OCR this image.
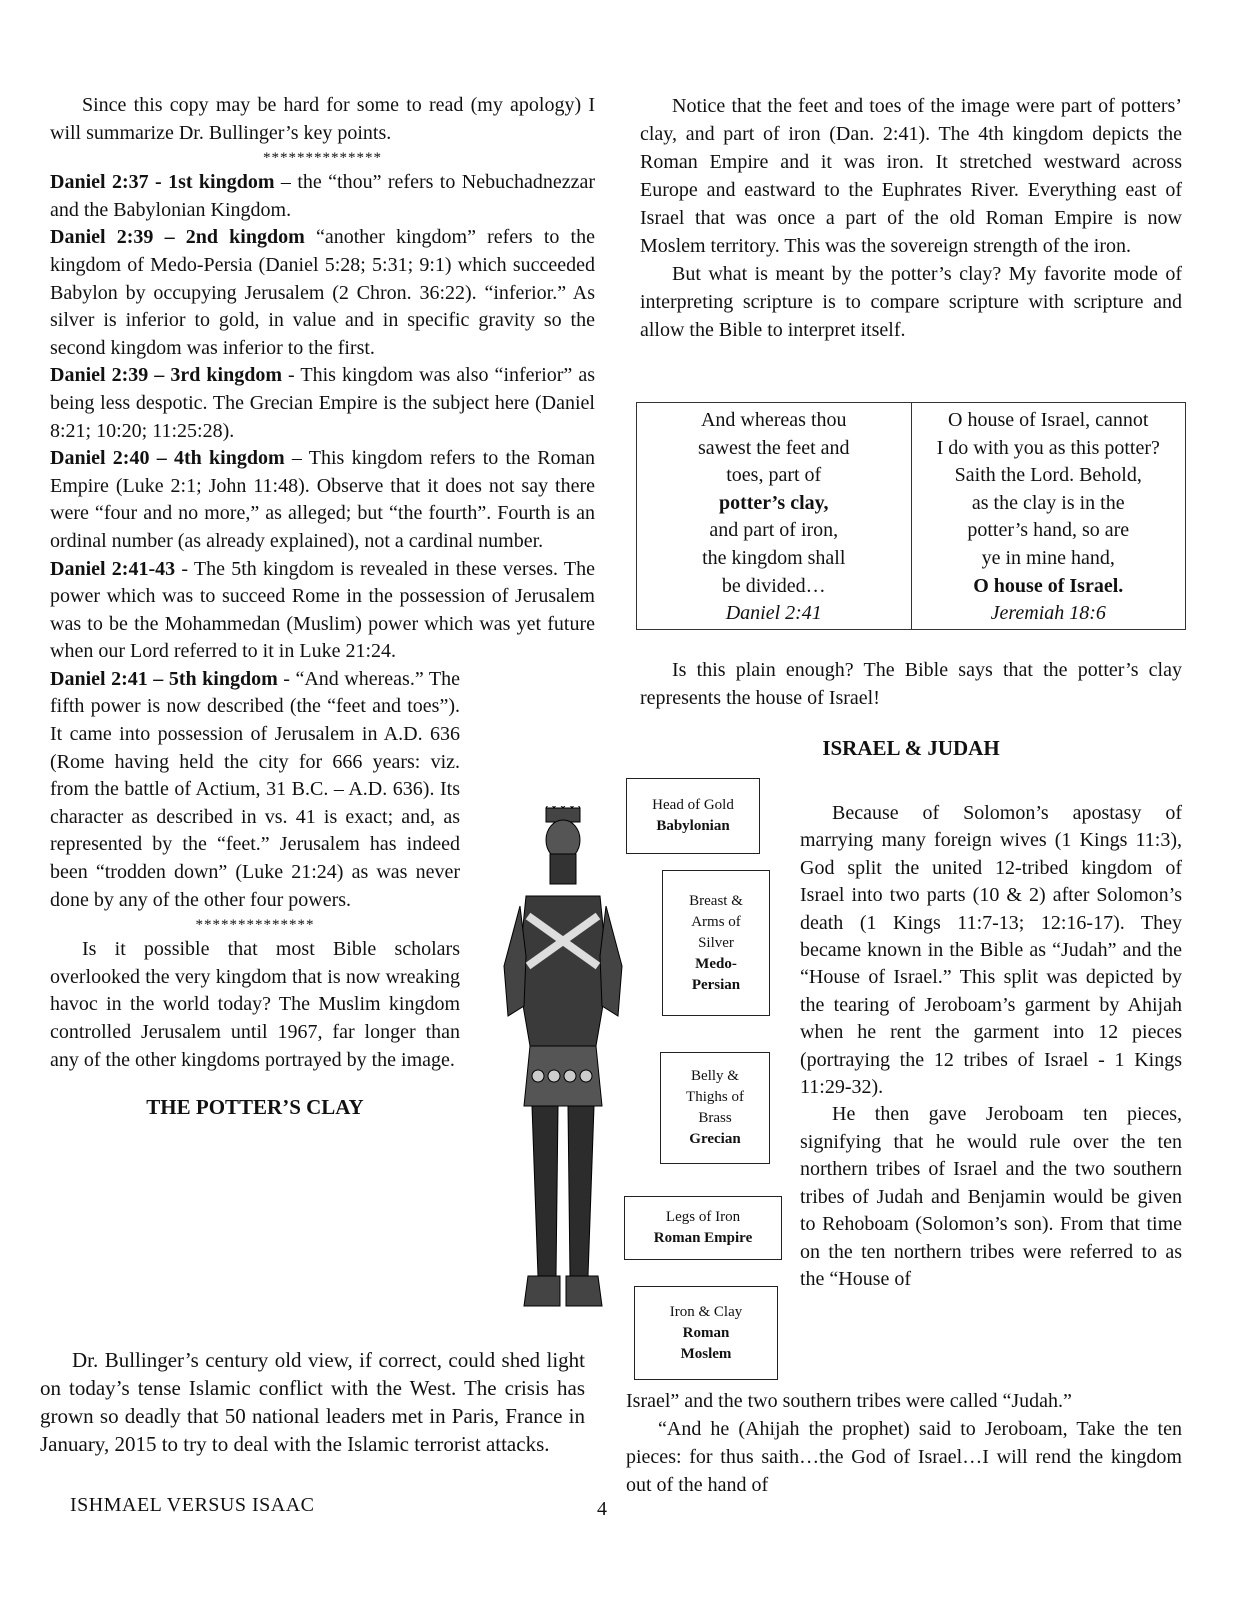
Since this copy may be hard for some to read (my apology) I will summarize Dr. Bullinger’s key points.

**************

Daniel 2:37 - 1st kingdom – the “thou” refers to Nebuchadnezzar and the Babylonian Kingdom.

Daniel 2:39 – 2nd kingdom “another kingdom” refers to the kingdom of Medo-Persia (Daniel 5:28; 5:31; 9:1) which succeeded Babylon by occupying Jerusalem (2 Chron. 36:22). “inferior.” As silver is inferior to gold, in value and in specific gravity so the second kingdom was inferior to the first.

Daniel 2:39 – 3rd kingdom - This kingdom was also “inferior” as being less despotic. The Grecian Empire is the subject here (Daniel 8:21; 10:20; 11:25:28).

Daniel 2:40 – 4th kingdom – This kingdom refers to the Roman Empire (Luke 2:1; John 11:48). Observe that it does not say there were “four and no more,” as alleged; but “the fourth”. Fourth is an ordinal number (as already explained), not a cardinal number.

Daniel 2:41-43 - The 5th kingdom is revealed in these verses. The power which was to succeed Rome in the possession of Jerusalem was to be the Mohammedan (Muslim) power which was yet future when our Lord referred to it in Luke 21:24.

Daniel 2:41 – 5th kingdom - “And whereas.” The fifth power is now described (the “feet and toes”). It came into possession of Jerusalem in A.D. 636 (Rome having held the city for 666 years: viz. from the battle of Actium, 31 B.C. – A.D. 636). Its character as described in vs. 41 is exact; and, as represented by the “feet.” Jerusalem has indeed been “trodden down” (Luke 21:24) as was never done by any of the other four powers.

**************

Is it possible that most Bible scholars overlooked the very kingdom that is now wreaking havoc in the world today? The Muslim kingdom controlled Jerusalem until 1967, far longer than any of the other kingdoms portrayed by the image.

THE POTTER’S CLAY

Dr. Bullinger’s century old view, if correct, could shed light on today’s tense Islamic conflict with the West. The crisis has grown so deadly that 50 national leaders met in Paris, France in January, 2015 to try to deal with the Islamic terrorist attacks.

ISHMAEL VERSUS ISAAC	4

Notice that the feet and toes of the image were part of potters’ clay, and part of iron (Dan. 2:41). The 4th kingdom depicts the Roman Empire and it was iron. It stretched westward across Europe and eastward to the Euphrates River. Everything east of Israel that was once a part of the old Roman Empire is now Moslem territory. This was the sovereign strength of the iron.

But what is meant by the potter’s clay? My favorite mode of interpreting scripture is to compare scripture with scripture and allow the Bible to interpret itself.

And whereas thou
sawest the feet and
toes, part of
potter’s clay,
and part of iron,
the kingdom shall
be divided…
Daniel 2:41
O house of Israel, cannot
I do with you as this potter?
Saith the Lord. Behold,
as the clay is in the
potter’s hand, so are
ye in mine hand,
O house of Israel.
Jeremiah 18:6

Is this plain enough? The Bible says that the potter’s clay represents the house of Israel!

ISRAEL & JUDAH
Head of Gold
Babylonian
Breast &
Arms of
Silver
Medo-
Persian
Belly &
Thighs of
Brass
Grecian
Legs of Iron
Roman Empire
Iron & Clay
Roman
Moslem

Because of Solomon’s apostasy of marrying many foreign wives (1 Kings 11:3), God split the united 12-tribed kingdom of Israel into two parts (10 & 2) after Solomon’s death (1 Kings 11:7-13; 12:16-17). They became known in the Bible as “Judah” and the “House of Israel.” This split was depicted by the tearing of Jeroboam’s garment by Ahijah when he rent the garment into 12 pieces (portraying the 12 tribes of Israel - 1 Kings 11:29-32).

He then gave Jeroboam ten pieces, signifying that he would rule over the ten northern tribes of Israel and the two southern tribes of Judah and Benjamin would be given to Rehoboam (Solomon’s son). From that time on the ten northern tribes were referred to as the “House of

Israel” and the two southern tribes were called “Judah.”

“And he (Ahijah the prophet) said to Jeroboam, Take the ten pieces: for thus saith…the God of Israel…I will rend the kingdom out of the hand of
